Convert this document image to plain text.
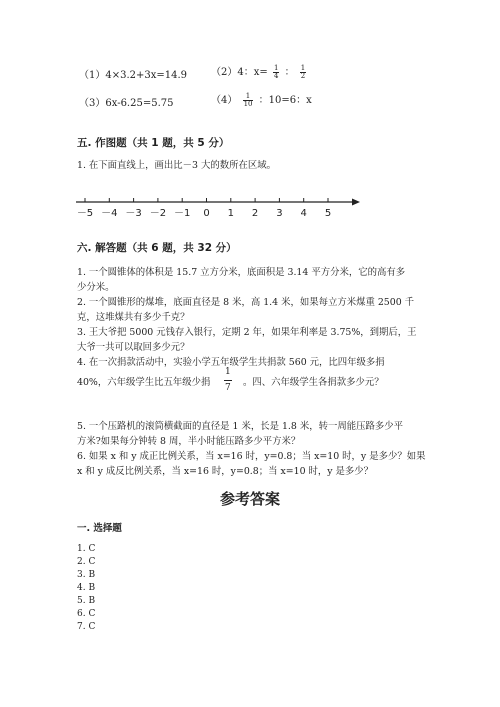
（1）4×3.2+3x=14.9 （2）4：$x= \frac{1}{4}$ ： $\frac{1}{2}$
（3）6x-6.25=5.75	$(4) \frac{1}{10}$ ：10=6：x
五. 作图题（共 1 题，共 5 分）
1. 在下面直线上，画出比－3 大的数所在区域。
－5 －4 －3 －2 －1 0 1 2 3 4 5
六. 解答题（共 6 题，共 32 分）
1. 一个圆锥体的体积是 15.7 立方分米，底面积是 3.14 平方分米，它的高有多
少分米。
2. 一个圆锥形的煤堆，底面直径是 8 米，高 1.4 米，如果每立方米煤重 2500 千
克，这堆煤共有多少千克？
3. 王大爷把 5000 元钱存入银行，定期 2 年，如果年利率是 3.75%，到期后，王
大爷一共可以取回多少元？
4. 在一次捐款活动中，实验小学五年级学生共捐款 560 元，比四年级多捐
40%，六年级学生比五年级少捐
1
7 。四、六年级学生各捐款多少元？
5. 一个压路机的滚筒横截面的直径是 1 米，长是 1.8 米，转一周能压路多少平
方米?如果每分钟转 8 周，半小时能压路多少平方米？
6. 如果 x 和 y 成正比例关系，当 x=16 时，y=0.8；当 x=10 时，y 是多少？如果
x 和 y 成反比例关系，当 x=16 时，y=0.8；当 x=10 时，y 是多少？
参考答案
一. 选择题
1. C
2. C
3. B
4. B
5. B
6. C
7. C
